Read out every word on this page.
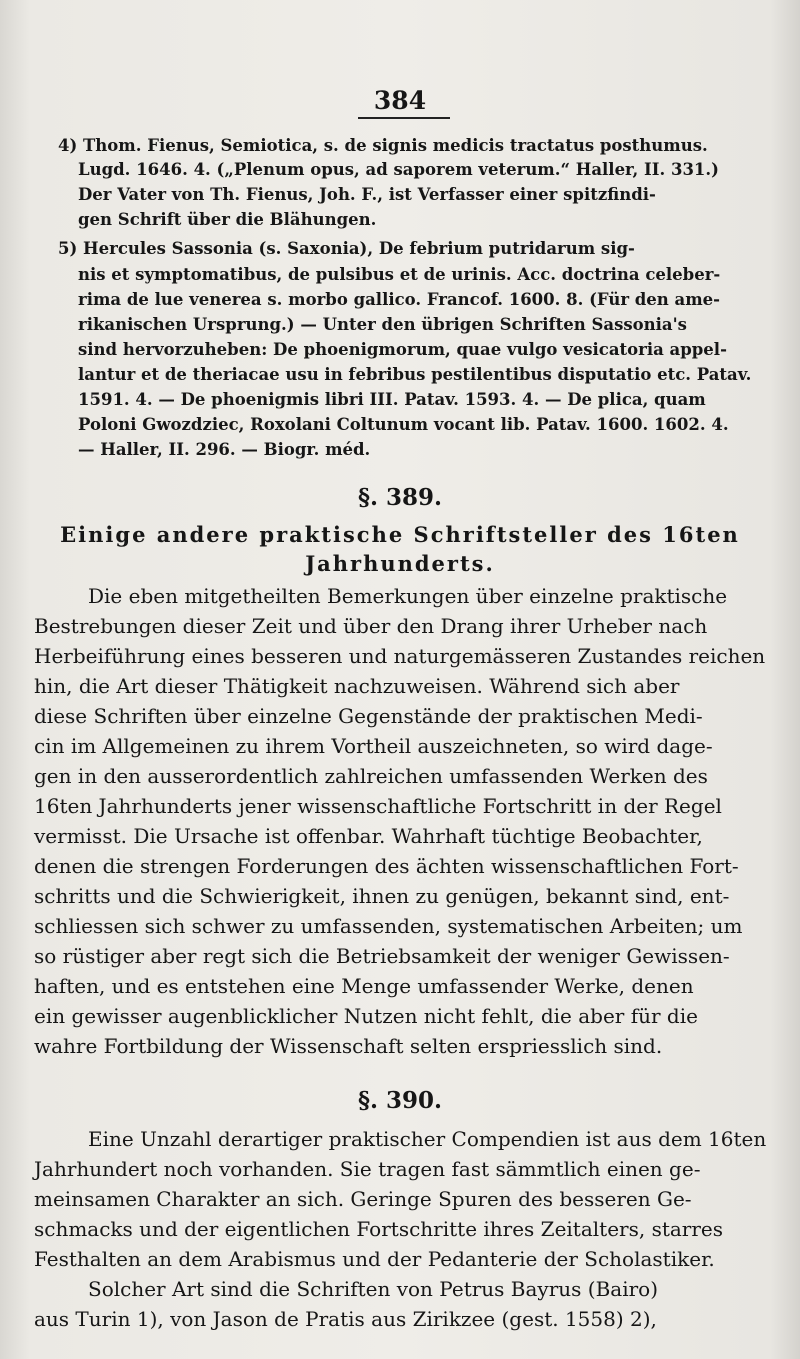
384
4) Thom. Fienus, Semiotica, s. de signis medicis tractatus posthumus.
Lugd. 1646. 4. („Plenum opus, ad saporem veterum.“ Haller, II. 331.)
Der Vater von Th. Fienus, Joh. F., ist Verfasser einer spitzfindi-
gen Schrift über die Blähungen.
5) Hercules Sassonia (s. Saxonia), De febrium putridarum sig-
nis et symptomatibus, de pulsibus et de urinis. Acc. doctrina celeber-
rima de lue venerea s. morbo gallico. Francof. 1600. 8. (Für den ame-
rikanischen Ursprung.) — Unter den übrigen Schriften Sassonia's
sind hervorzuheben: De phoenigmorum, quae vulgo vesicatoria appel-
lantur et de theriacae usu in febribus pestilentibus disputatio etc. Patav.
1591. 4. — De phoenigmis libri III. Patav. 1593. 4. — De plica, quam
Poloni Gwozdziec, Roxolani Coltunum vocant lib. Patav. 1600. 1602. 4.
— Haller, II. 296. — Biogr. méd.
§. 389.
Einige andere praktische Schriftsteller des 16ten
Jahrhunderts.
Die eben mitgetheilten Bemerkungen über einzelne praktische
Bestrebungen dieser Zeit und über den Drang ihrer Urheber nach
Herbeiführung eines besseren und naturgemässeren Zustandes reichen
hin, die Art dieser Thätigkeit nachzuweisen. Während sich aber
diese Schriften über einzelne Gegenstände der praktischen Medi-
cin im Allgemeinen zu ihrem Vortheil auszeichneten, so wird dage-
gen in den ausserordentlich zahlreichen umfassenden Werken des
16ten Jahrhunderts jener wissenschaftliche Fortschritt in der Regel
vermisst. Die Ursache ist offenbar. Wahrhaft tüchtige Beobachter,
denen die strengen Forderungen des ächten wissenschaftlichen Fort-
schritts und die Schwierigkeit, ihnen zu genügen, bekannt sind, ent-
schliessen sich schwer zu umfassenden, systematischen Arbeiten; um
so rüstiger aber regt sich die Betriebsamkeit der weniger Gewissen-
haften, und es entstehen eine Menge umfassender Werke, denen
ein gewisser augenblicklicher Nutzen nicht fehlt, die aber für die
wahre Fortbildung der Wissenschaft selten erspriesslich sind.
§. 390.
Eine Unzahl derartiger praktischer Compendien ist aus dem 16ten
Jahrhundert noch vorhanden. Sie tragen fast sämmtlich einen ge-
meinsamen Charakter an sich. Geringe Spuren des besseren Ge-
schmacks und der eigentlichen Fortschritte ihres Zeitalters, starres
Festhalten an dem Arabismus und der Pedanterie der Scholastiker.
Solcher Art sind die Schriften von Petrus Bayrus (Bairo)
aus Turin 1), von Jason de Pratis aus Zirikzee (gest. 1558) 2),
